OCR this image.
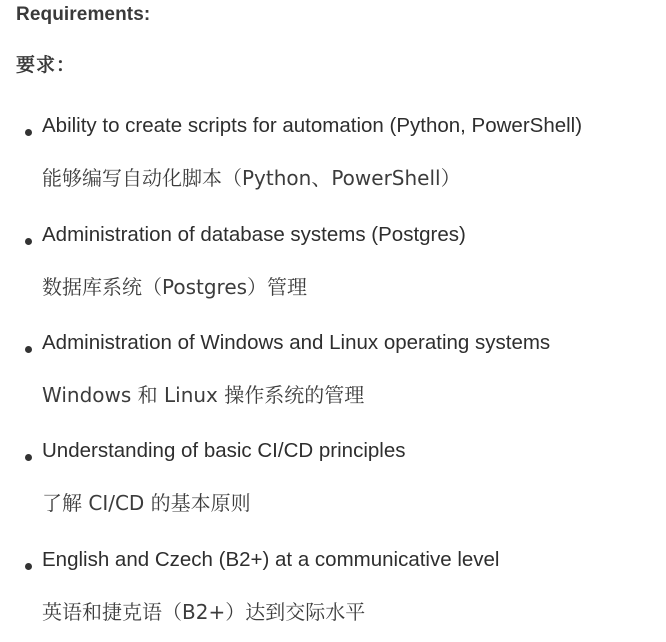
Requirements:
要求：
Ability to create scripts for automation (Python, PowerShell)
能够编写自动化脚本（Python、PowerShell）
Administration of database systems (Postgres)
数据库系统（Postgres）管理
Administration of Windows and Linux operating systems
Windows 和 Linux 操作系统的管理
Understanding of basic CI/CD principles
了解 CI/CD 的基本原则
English and Czech (B2+) at a communicative level
英语和捷克语（B2+）达到交际水平
